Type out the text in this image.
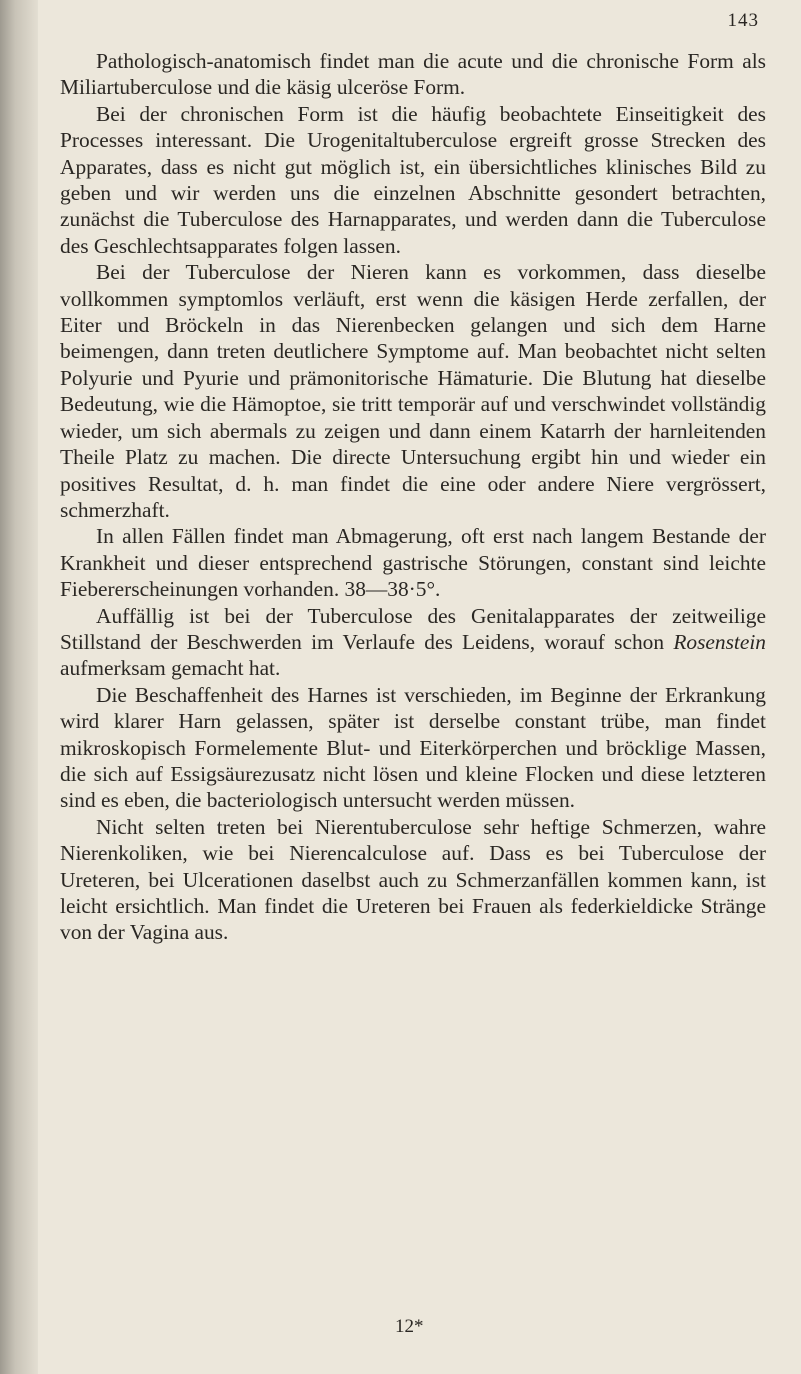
143

Pathologisch-anatomisch findet man die acute und die chronische Form als Miliartuberculose und die käsig ulceröse Form.

Bei der chronischen Form ist die häufig beobachtete Einseitigkeit des Processes interessant. Die Urogenitaltuberculose ergreift grosse Strecken des Apparates, dass es nicht gut möglich ist, ein übersichtliches klinisches Bild zu geben und wir werden uns die einzelnen Abschnitte gesondert betrachten, zunächst die Tuberculose des Harnapparates, und werden dann die Tuberculose des Geschlechtsapparates folgen lassen.

Bei der Tuberculose der Nieren kann es vorkommen, dass dieselbe vollkommen symptomlos verläuft, erst wenn die käsigen Herde zerfallen, der Eiter und Bröckeln in das Nierenbecken gelangen und sich dem Harne beimengen, dann treten deutlichere Symptome auf. Man beobachtet nicht selten Polyurie und Pyurie und prämonitorische Hämaturie. Die Blutung hat dieselbe Bedeutung, wie die Hämoptoe, sie tritt temporär auf und verschwindet vollständig wieder, um sich abermals zu zeigen und dann einem Katarrh der harnleitenden Theile Platz zu machen. Die directe Untersuchung ergibt hin und wieder ein positives Resultat, d. h. man findet die eine oder andere Niere vergrössert, schmerzhaft.

In allen Fällen findet man Abmagerung, oft erst nach langem Bestande der Krankheit und dieser entsprechend gastrische Störungen, constant sind leichte Fiebererscheinungen vorhanden. 38—38·5°.

Auffällig ist bei der Tuberculose des Genitalapparates der zeitweilige Stillstand der Beschwerden im Verlaufe des Leidens, worauf schon Rosenstein aufmerksam gemacht hat.

Die Beschaffenheit des Harnes ist verschieden, im Beginne der Erkrankung wird klarer Harn gelassen, später ist derselbe constant trübe, man findet mikroskopisch Formelemente Blut- und Eiterkörperchen und bröcklige Massen, die sich auf Essigsäurezusatz nicht lösen und kleine Flocken und diese letzteren sind es eben, die bacteriologisch untersucht werden müssen.

Nicht selten treten bei Nierentuberculose sehr heftige Schmerzen, wahre Nierenkoliken, wie bei Nierencalculose auf. Dass es bei Tuberculose der Ureteren, bei Ulcerationen daselbst auch zu Schmerzanfällen kommen kann, ist leicht ersichtlich. Man findet die Ureteren bei Frauen als federkieldicke Stränge von der Vagina aus.

12*
